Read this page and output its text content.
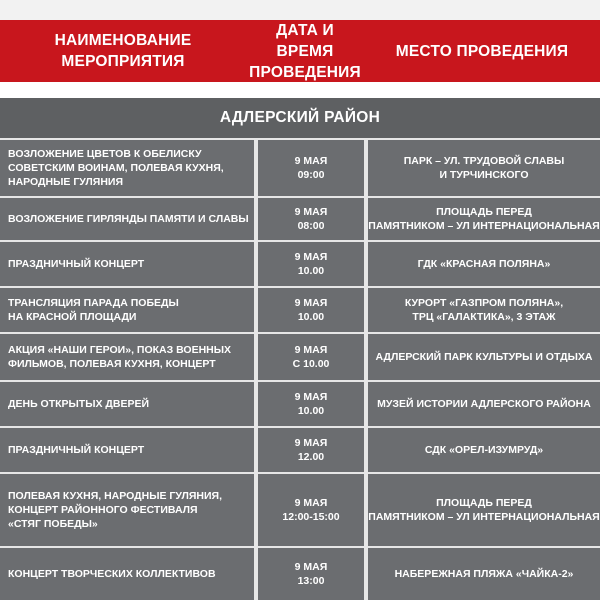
НАИМЕНОВАНИЕ
МЕРОПРИЯТИЯ
ДАТА И ВРЕМЯ
ПРОВЕДЕНИЯ
МЕСТО ПРОВЕДЕНИЯ
АДЛЕРСКИЙ РАЙОН
ВОЗЛОЖЕНИЕ ЦВЕТОВ К ОБЕЛИСКУ
СОВЕТСКИМ ВОИНАМ, ПОЛЕВАЯ КУХНЯ,
НАРОДНЫЕ ГУЛЯНИЯ
9 МАЯ
09:00
ПАРК – УЛ. ТРУДОВОЙ СЛАВЫ
И ТУРЧИНСКОГО
ВОЗЛОЖЕНИЕ ГИРЛЯНДЫ ПАМЯТИ И СЛАВЫ
9 МАЯ
08:00
ПЛОЩАДЬ ПЕРЕД
ПАМЯТНИКОМ – УЛ ИНТЕРНАЦИОНАЛЬНАЯ
ПРАЗДНИЧНЫЙ КОНЦЕРТ
9 МАЯ
10.00
ГДК «КРАСНАЯ ПОЛЯНА»
ТРАНСЛЯЦИЯ ПАРАДА ПОБЕДЫ
НА КРАСНОЙ ПЛОЩАДИ
9 МАЯ
10.00
КУРОРТ «ГАЗПРОМ ПОЛЯНА»,
ТРЦ «ГАЛАКТИКА», 3 ЭТАЖ
АКЦИЯ «НАШИ ГЕРОИ», ПОКАЗ ВОЕННЫХ
ФИЛЬМОВ, ПОЛЕВАЯ КУХНЯ, КОНЦЕРТ
9 МАЯ
С 10.00
АДЛЕРСКИЙ ПАРК КУЛЬТУРЫ И ОТДЫХА
ДЕНЬ ОТКРЫТЫХ ДВЕРЕЙ
9 МАЯ
10.00
МУЗЕЙ ИСТОРИИ АДЛЕРСКОГО РАЙОНА
ПРАЗДНИЧНЫЙ КОНЦЕРТ
9 МАЯ
12.00
СДК «ОРЕЛ-ИЗУМРУД»
ПОЛЕВАЯ КУХНЯ, НАРОДНЫЕ ГУЛЯНИЯ,
КОНЦЕРТ РАЙОННОГО ФЕСТИВАЛЯ
«СТЯГ ПОБЕДЫ»
9 МАЯ
12:00-15:00
ПЛОЩАДЬ ПЕРЕД
ПАМЯТНИКОМ – УЛ ИНТЕРНАЦИОНАЛЬНАЯ
КОНЦЕРТ ТВОРЧЕСКИХ КОЛЛЕКТИВОВ
9 МАЯ
13:00
НАБЕРЕЖНАЯ ПЛЯЖА «ЧАЙКА-2»
